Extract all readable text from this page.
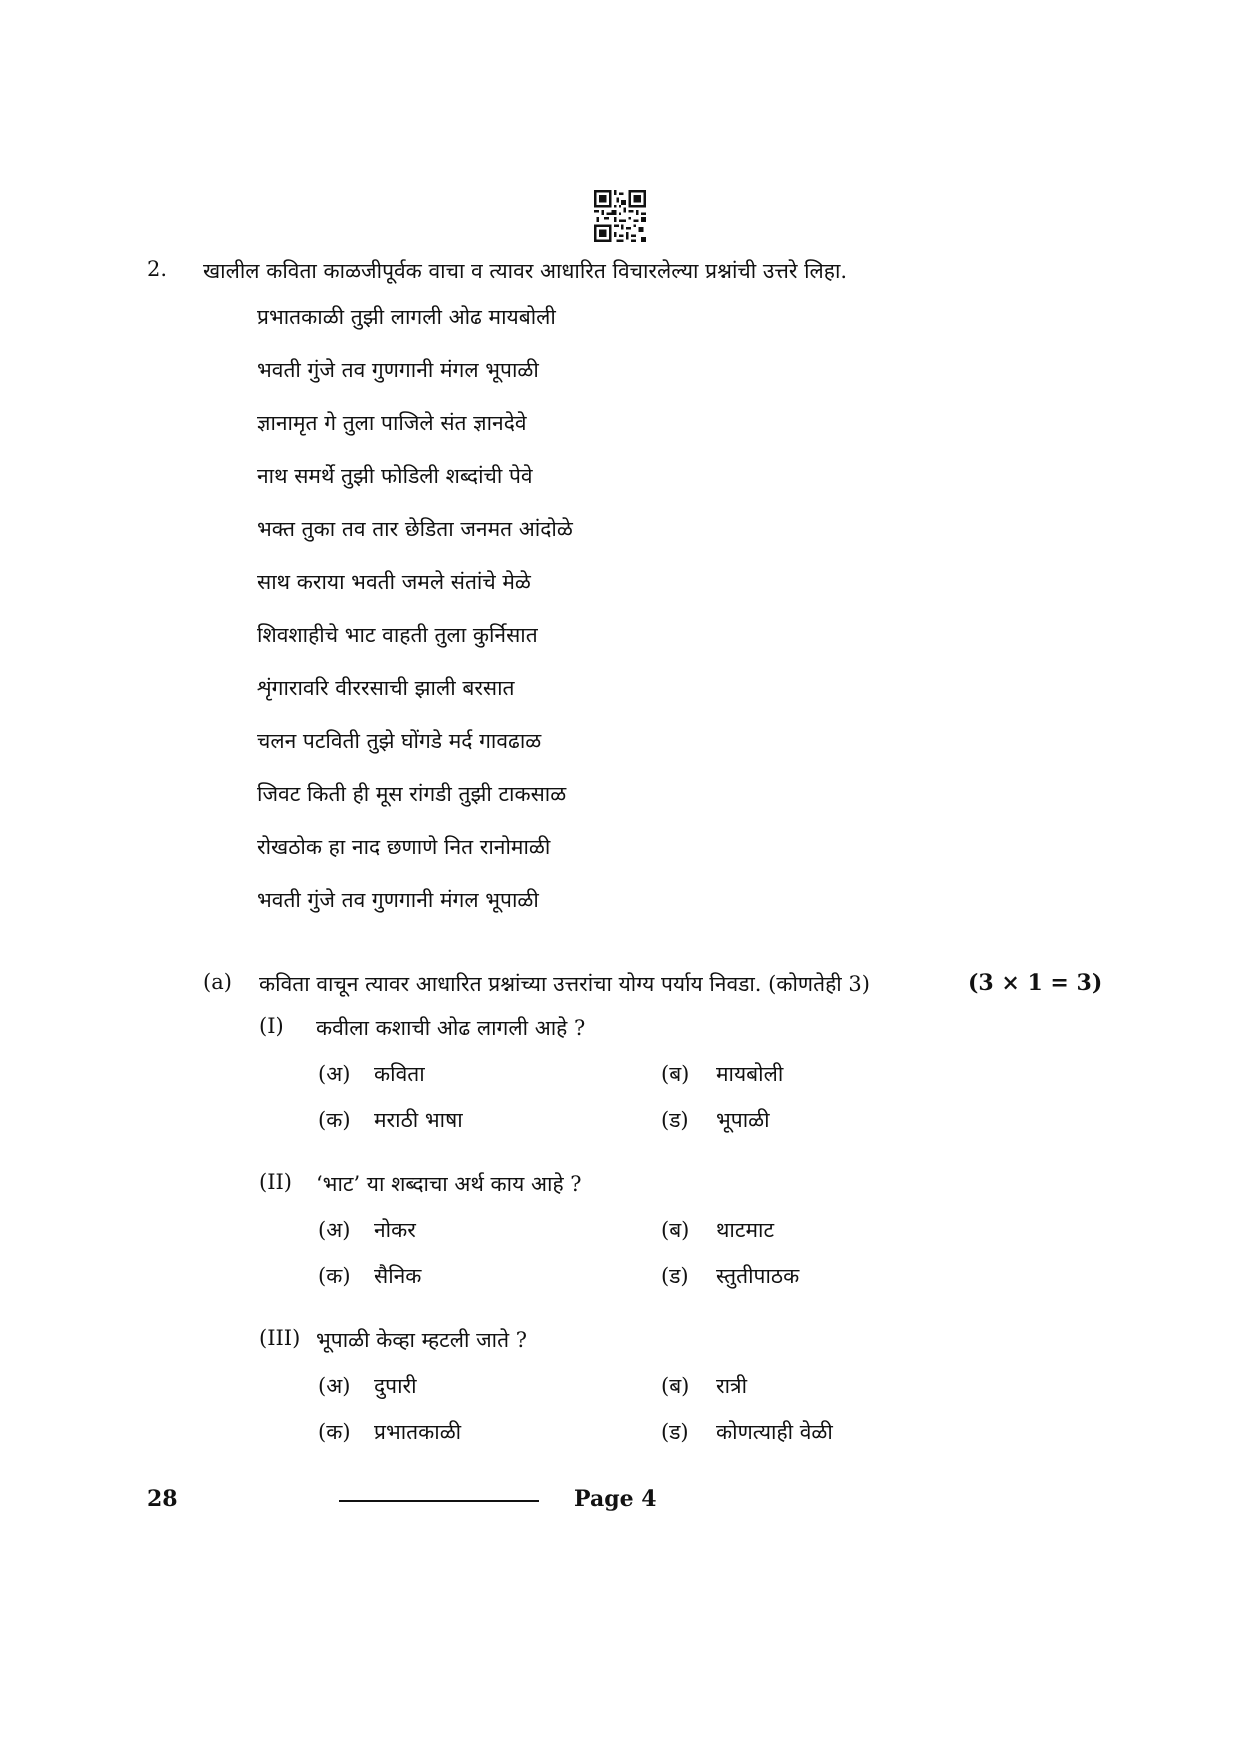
2. खालील कविता काळजीपूर्वक वाचा व त्यावर आधारित विचारलेल्या प्रश्नांची उत्तरे लिहा.
प्रभातकाळी तुझी लागली ओढ मायबोली
भवती गुंजे तव गुणगानी मंगल भूपाळी
ज्ञानामृत गे तुला पाजिले संत ज्ञानदेवे
नाथ समर्थे तुझी फोडिली शब्दांची पेवे
भक्त तुका तव तार छेडिता जनमत आंदोळे
साथ कराया भवती जमले संतांचे मेळे
शिवशाहीचे भाट वाहती तुला कुर्निसात
शृंगारावरि वीररसाची झाली बरसात
चलन पटविती तुझे घोंगडे मर्द गावढाळ
जिवट किती ही मूस रांगडी तुझी टाकसाळ
रोखठोक हा नाद छणाणे नित रानोमाळी
भवती गुंजे तव गुणगानी मंगल भूपाळी
(a) कविता वाचून त्यावर आधारित प्रश्नांच्या उत्तरांचा योग्य पर्याय निवडा. (कोणतेही 3)	(3 × 1 = 3)
(I) कवीला कशाची ओढ लागली आहे ?
(अ) कविता	(ब) मायबोली
(क) मराठी भाषा	(ड) भूपाळी
(II) ‘भाट’ या शब्दाचा अर्थ काय आहे ?
(अ) नोकर	(ब) थाटमाट
(क) सैनिक	(ड) स्तुतीपाठक
(III) भूपाळी केव्हा म्हटली जाते ?
(अ) दुपारी	(ब) रात्री
(क) प्रभातकाळी	(ड) कोणत्याही वेळी
28	Page 4
